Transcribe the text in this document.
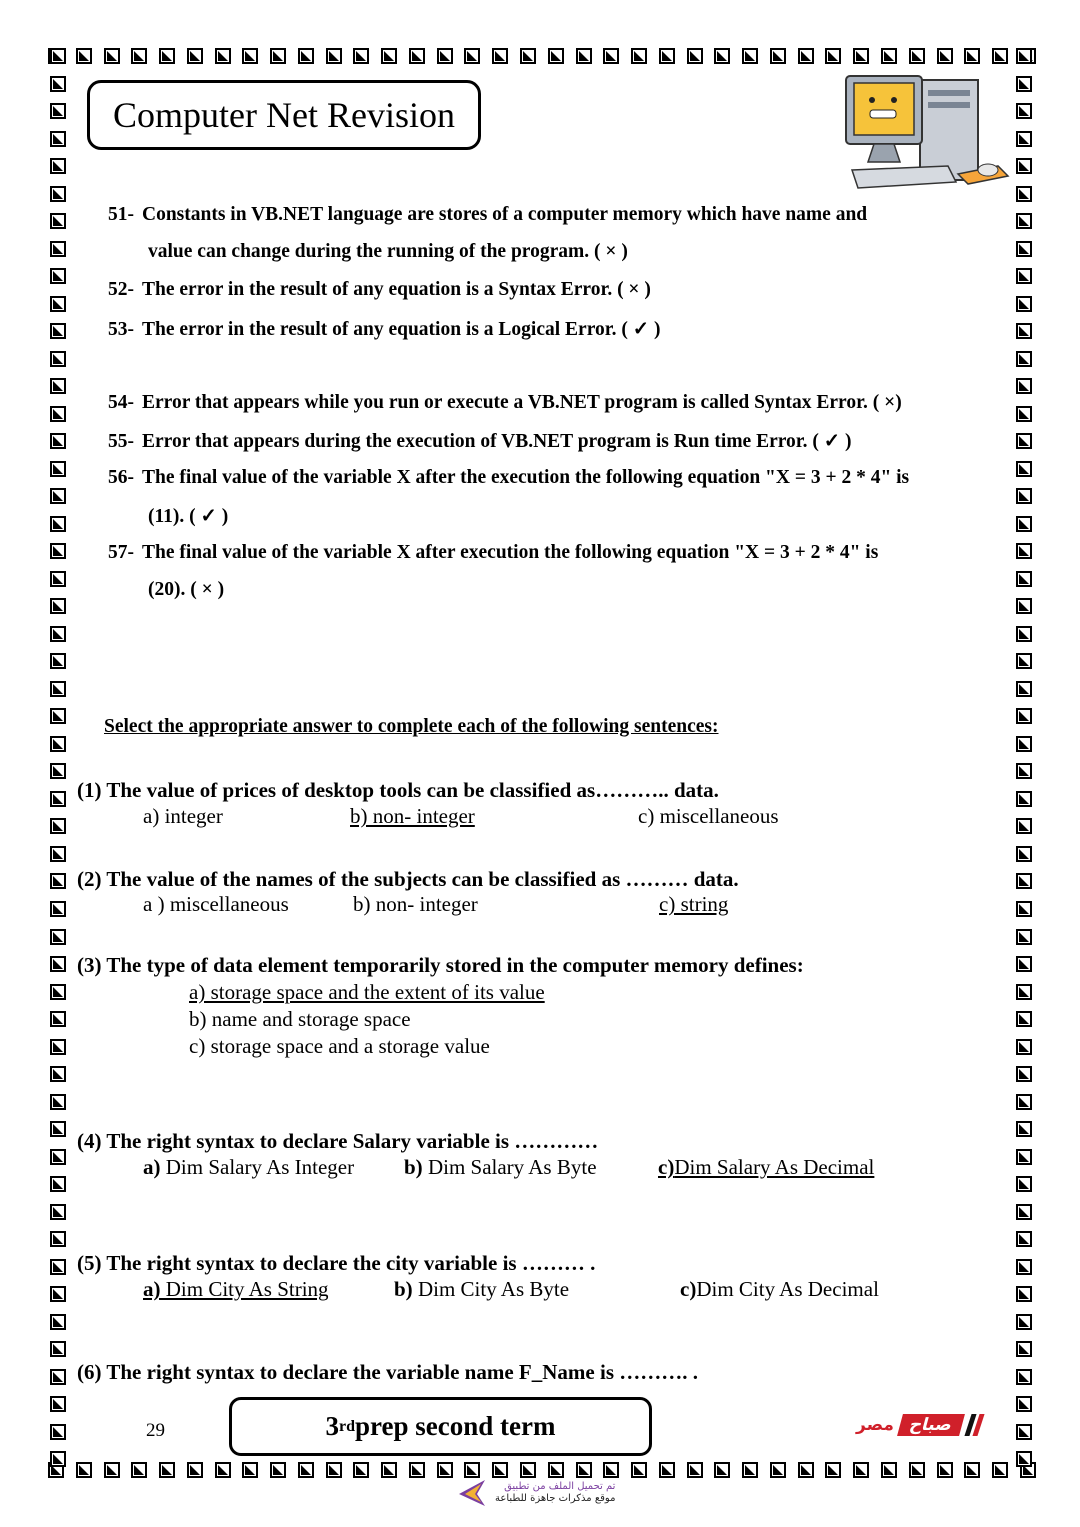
Computer Net Revision
51- Constants in VB.NET language are stores of a computer memory which have name and
value can change during the running of the program. ( × )
52- The error in the result of any equation is a Syntax Error. ( × )
53- The error in the result of any equation is a Logical Error. ( ✓ )
54- Error that appears while you run or execute a VB.NET program is called Syntax Error. ( ×)
55- Error that appears during the execution of VB.NET program is Run time Error. ( ✓ )
56- The final value of the variable X after the execution the following equation "X = 3 + 2 * 4" is
(11). ( ✓ )
57- The final value of the variable X after execution the following equation "X = 3 + 2 * 4" is
(20). ( × )
Select the appropriate answer to complete each of the following sentences:
(1) The value of prices of desktop tools can be classified as……….. data.
a) integer	b) non- integer	c) miscellaneous
(2) The value of the names of the subjects can be classified as ……… data.
a ) miscellaneous	b) non- integer	c) string
(3) The type of data element temporarily stored in the computer memory defines:
a) storage space and the extent of its value
b) name and storage space
c) storage space and a storage value
(4) The right syntax to declare Salary variable is …………
a) Dim Salary As Integer b) Dim Salary As Byte	c)Dim Salary As Decimal
(5) The right syntax to declare the city variable is ……… .
a) Dim City As String	b) Dim City As Byte	c)Dim City As Decimal
(6) The right syntax to declare the variable name F_Name is ………. .
29	3 rd prep second term	مصر صباح
تم تحميل الملف من تطبيق
موقع مذكرات جاهزة للطباعة
